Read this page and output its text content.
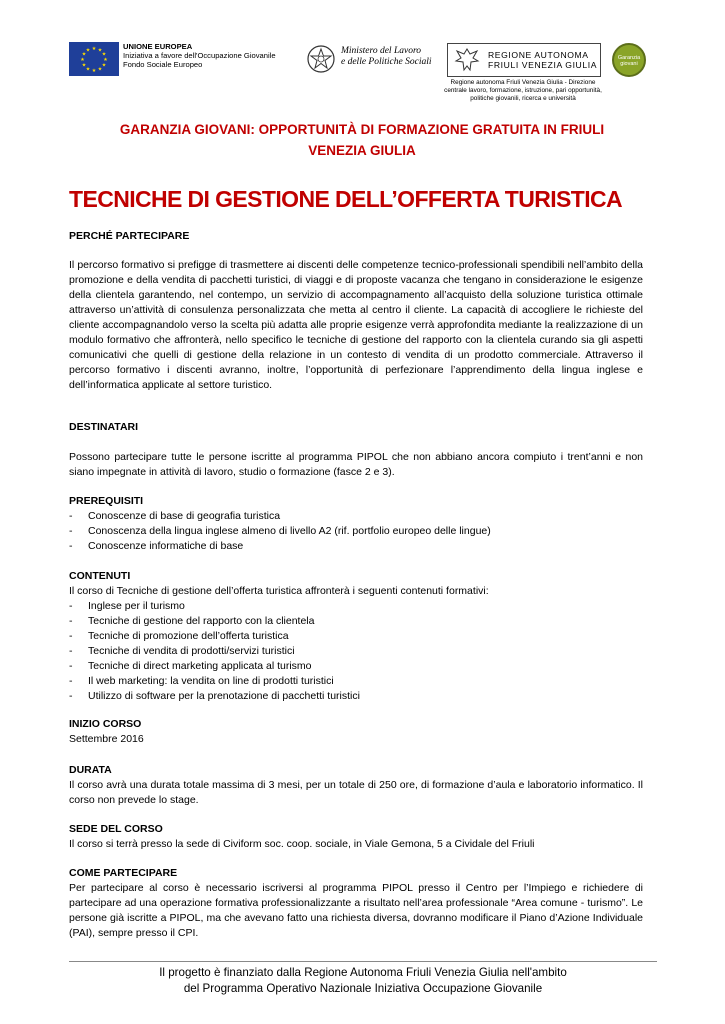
★ ★
★
★
★
★
★
★
★
★
★
★	UNIONE EUROPEA
Iniziativa a favore dell'Occupazione Giovanile
Fondo Sociale Europeo
Ministero del Lavoro
e delle Politiche Sociali
REGIONE AUTONOMA
FRIULI VENEZIA GIULIA
Regione autonoma Friuli Venezia Giulia - Direzione centrale lavoro, formazione, istruzione, pari opportunità, politiche giovanili, ricerca e università
Garanzia
giovani
GARANZIA GIOVANI: OPPORTUNITÀ DI FORMAZIONE GRATUITA IN FRIULI
VENEZIA GIULIA
TECNICHE DI GESTIONE DELL’OFFERTA TURISTICA
PERCHÉ PARTECIPARE
Il percorso formativo si prefigge di trasmettere ai discenti delle competenze tecnico-professionali spendibili nell’ambito della promozione e della vendita di pacchetti turistici, di viaggi e di proposte vacanza che tengano in considerazione le esigenze della clientela garantendo, nel contempo, un servizio di accompagnamento all’acquisto della soluzione turistica ottimale attraverso un’attività di consulenza personalizzata che metta al centro il cliente. La capacità di accogliere le richieste del cliente accompagnandolo verso la scelta più adatta alle proprie esigenze verrà approfondita mediante la realizzazione di un modulo formativo che affronterà, nello specifico le tecniche di gestione del rapporto con la clientela curando sia gli aspetti comunicativi che quelli di gestione della relazione in un contesto di vendita di un prodotto commerciale. Attraverso il percorso formativo i discenti avranno, inoltre, l’opportunità di perfezionare l’apprendimento della lingua inglese e dell’informatica applicate al settore turistico.
DESTINATARI
Possono partecipare tutte le persone iscritte al programma PIPOL che non abbiano ancora compiuto i trent’anni e non siano impegnate in attività di lavoro, studio o formazione (fasce 2 e 3).
PREREQUISITI
- Conoscenze di base di geografia turistica
- Conoscenza della lingua inglese almeno di livello A2 (rif. portfolio europeo delle lingue)
- Conoscenze informatiche di base
CONTENUTI
Il corso di Tecniche di gestione dell’offerta turistica affronterà i seguenti contenuti formativi:
- Inglese per il turismo
- Tecniche di gestione del rapporto con la clientela
- Tecniche di promozione dell’offerta turistica
- Tecniche di vendita di prodotti/servizi turistici
- Tecniche di direct marketing applicata al turismo
- Il web marketing: la vendita on line di prodotti turistici
- Utilizzo di software per la prenotazione di pacchetti turistici
INIZIO CORSO
Settembre 2016
DURATA
Il corso avrà una durata totale massima di 3 mesi, per un totale di 250 ore, di formazione d’aula e laboratorio informatico. Il corso non prevede lo stage.
SEDE DEL CORSO
Il corso si terrà presso la sede di Civiform soc. coop. sociale, in Viale Gemona, 5 a Cividale del Friuli
COME PARTECIPARE
Per partecipare al corso è necessario iscriversi al programma PIPOL presso il Centro per l’Impiego e richiedere di partecipare ad una operazione formativa professionalizzante a risultato nell’area professionale “Area comune - turismo”. Le persone già iscritte a PIPOL, ma che avevano fatto una richiesta diversa, dovranno modificare il Piano d’Azione Individuale (PAI), sempre presso il CPI.
Il progetto è finanziato dalla Regione Autonoma Friuli Venezia Giulia nell'ambito
del Programma Operativo Nazionale Iniziativa Occupazione Giovanile
